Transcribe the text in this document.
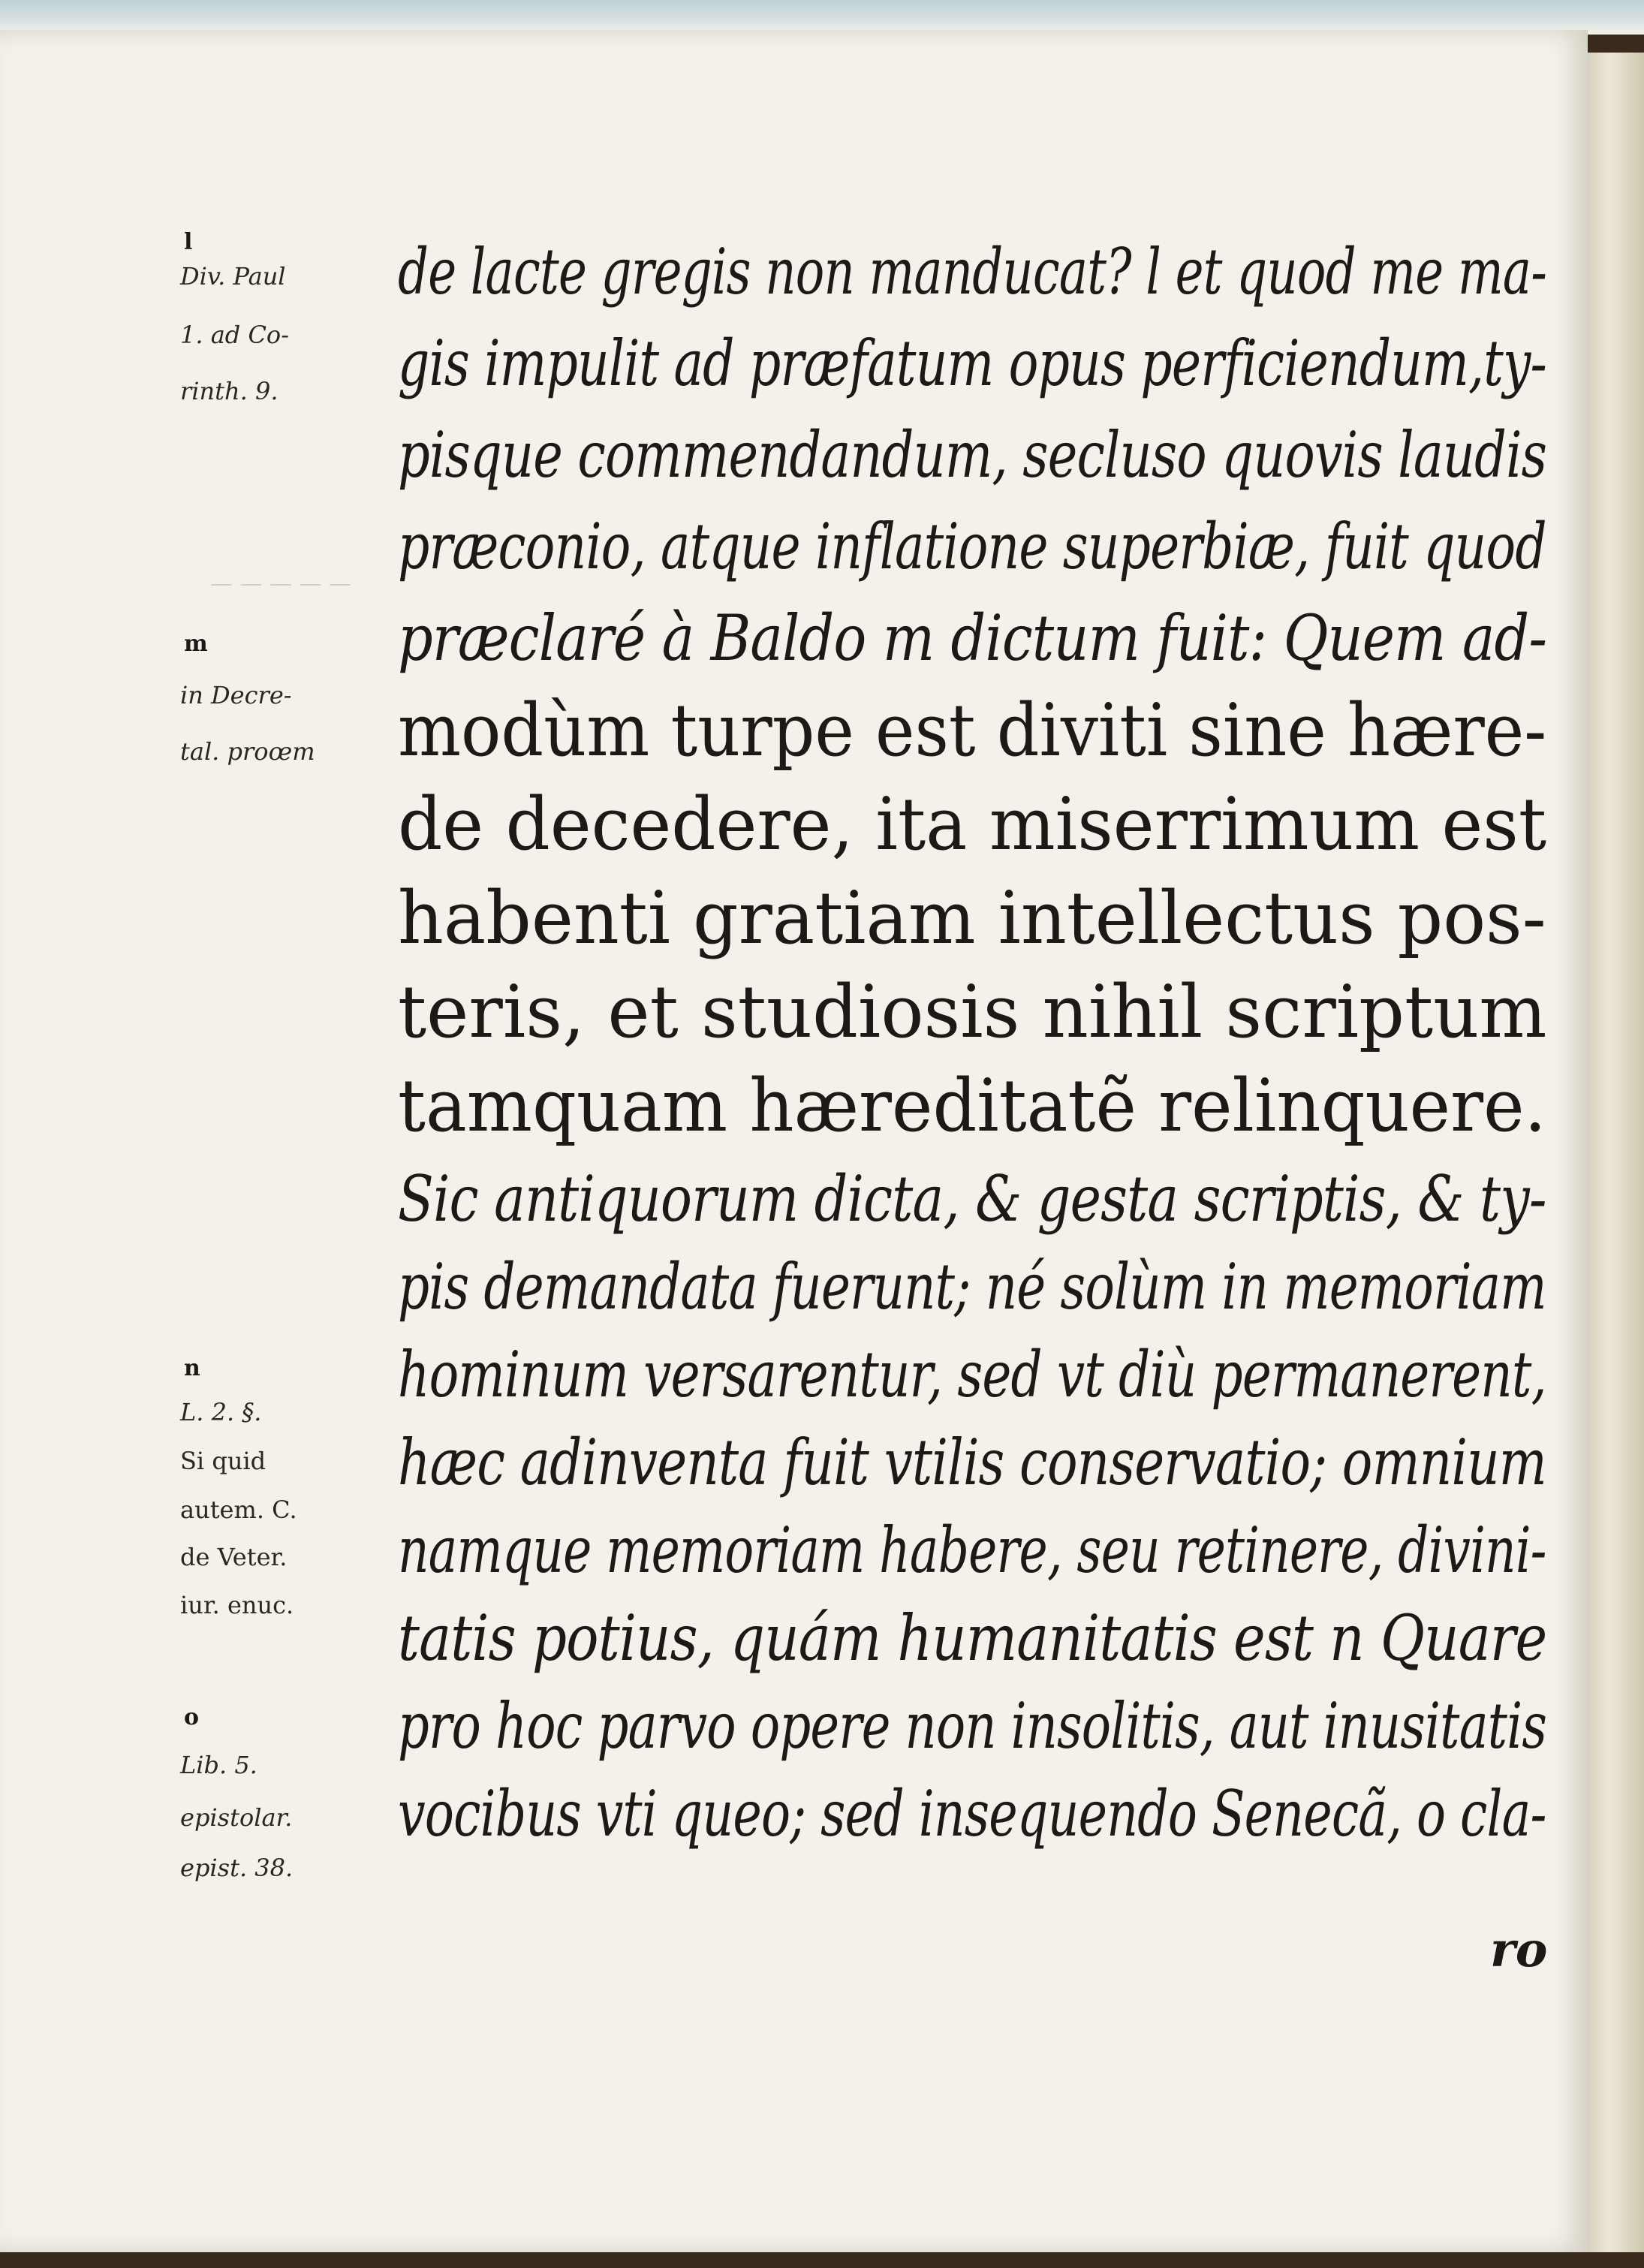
— — — — —
l
Div. Paul
1. ad Co-
rinth. 9.
m
in Decre-
tal. proœm
n
L. 2. §.
Si quid
autem. C.
de Veter.
iur. enuc.
o
Lib. 5.
epistolar.
epist. 38.
de lacte gregis non manducat? l et quod me ma-
gis impulit ad præfatum opus perficiendum,ty-
pisque commendandum, secluso quovis laudis
præconio, atque inflatione superbiæ, fuit quod
præclaré à Baldo m dictum fuit: Quem ad-
modùm turpe est diviti sine hære-
de decedere, ita miserrimum est
habenti gratiam intellectus pos-
teris, et studiosis nihil scriptum
tamquam hæreditatẽ relinquere.
Sic antiquorum dicta, & gesta scriptis, & ty-
pis demandata fuerunt; né solùm in memoriam
hominum versarentur, sed vt diù permanerent,
hæc adinventa fuit vtilis conservatio; omnium
namque memoriam habere, seu retinere, divini-
tatis potius, quám humanitatis est n Quare
pro hoc parvo opere non insolitis, aut inusitatis
vocibus vti queo; sed insequendo Senecã, o cla-
ro
